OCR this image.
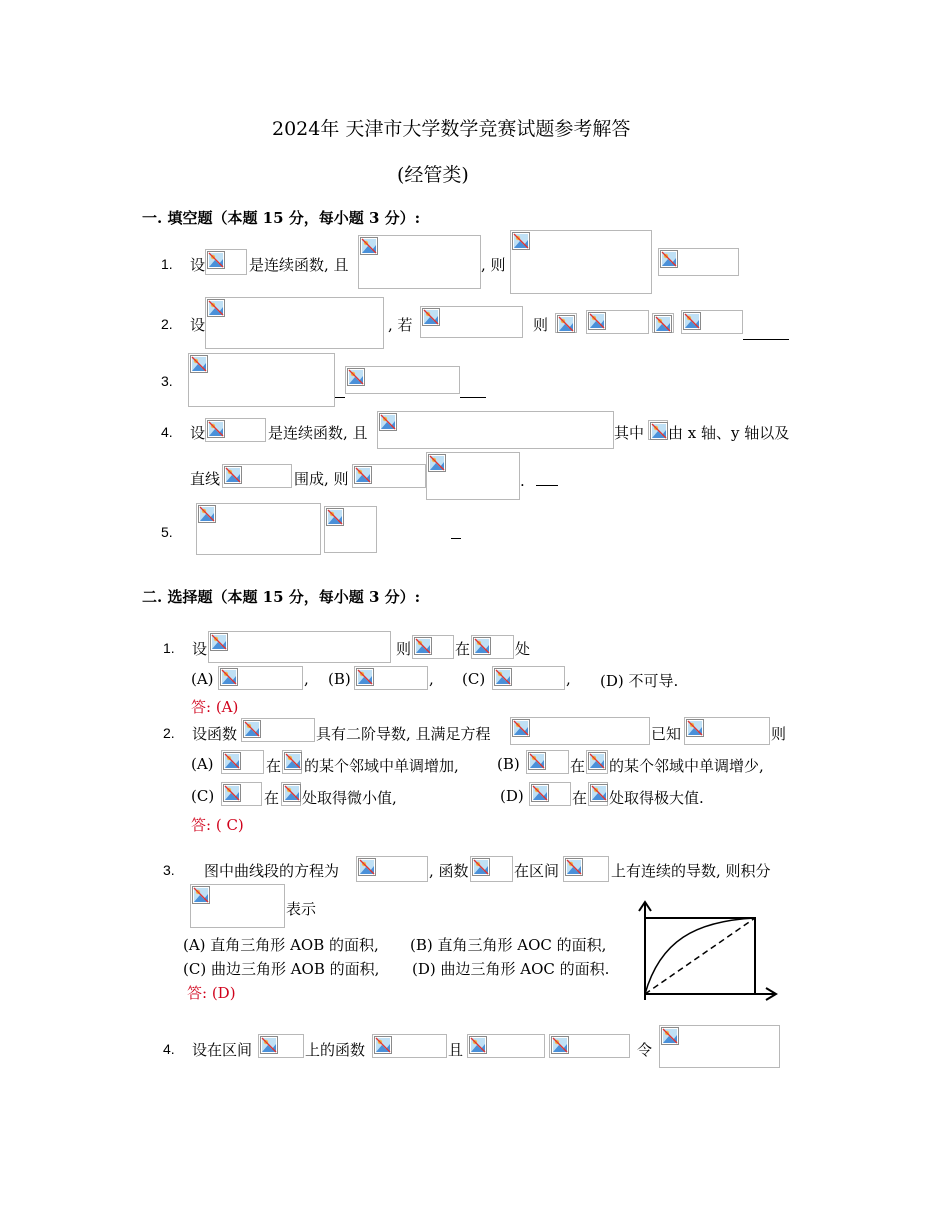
2024年 天津市大学数学竞赛试题参考解答
(经管类)
一. 填空题（本题 15 分，每小题 3 分）:
1. 设	是连续函数, 且	, 则
2. 设	, 若	则
3.
4. 设	是连续函数, 且	其中 由 x 轴、y 轴以及
直线	围成, 则	.
5.
二. 选择题（本题 15 分，每小题 3 分）:
1. 设	则	在	处
(A)	, (B)	, (C)	, (D) 不可导.
答: (A)
2. 设函数	具有二阶导数, 且满足方程	已知	则
(A)	在 的某个邻域中单调增加,	(B)	在 的某个邻域中单调增少,
(C)	在 处取得微小值,	(D)	在 处取得极大值.
答: ( C)
3. 图中曲线段的方程为	, 函数	在区间	上有连续的导数, 则积分
表示
(A) 直角三角形 AOB 的面积, (B) 直角三角形 AOC 的面积,
(C) 曲边三角形 AOB 的面积, (D) 曲边三角形 AOC 的面积.
答: (D)
4. 设在区间	上的函数	且	令
